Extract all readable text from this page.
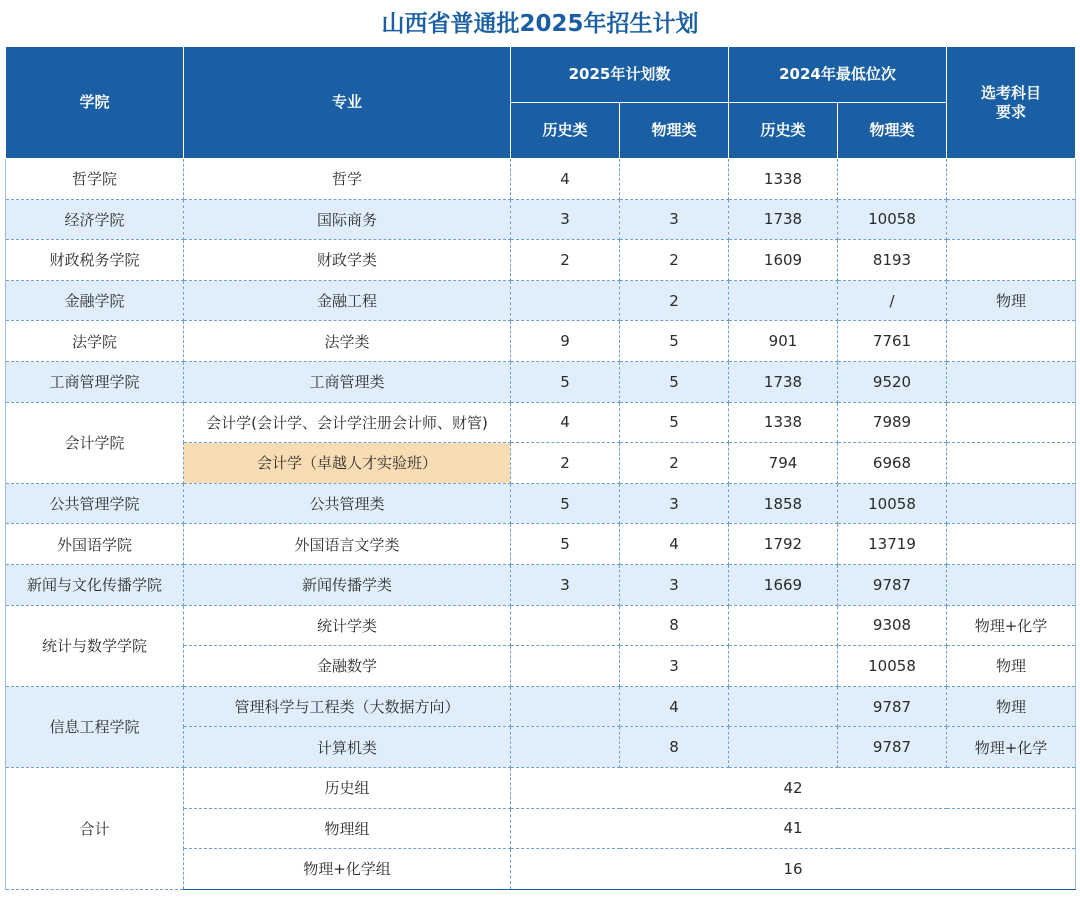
山西省普通批2025年招生计划
学院	专业	2025年计划数		2024年最低位次		选考科目要求

		历史类	物理类	历史类	物理类	
哲学院	哲学	4		1338		
经济学院	国际商务	3	3	1738	10058	
财政税务学院	财政学类	2	2	1609	8193	
金融学院	金融工程		2		/	物理
法学院	法学类	9	5	901	7761	
工商管理学院	工商管理类	5	5	1738	9520	
会计学院	会计学(会计学、会计学注册会计师、财管)	4	5	1338	7989	
	会计学（卓越人才实验班）	2	2	794	6968	
公共管理学院	公共管理类	5	3	1858	10058	
外国语学院	外国语言文学类	5	4	1792	13719	
新闻与文化传播学院	新闻传播学类	3	3	1669	9787	
统计与数学学院	统计学类		8		9308	物理+化学
	金融数学		3		10058	物理
信息工程学院	管理科学与工程类（大数据方向）		4		9787	物理
	计算机类		8		9787	物理+化学
合计	历史组	42				
	物理组	41				
	物理+化学组	16				
